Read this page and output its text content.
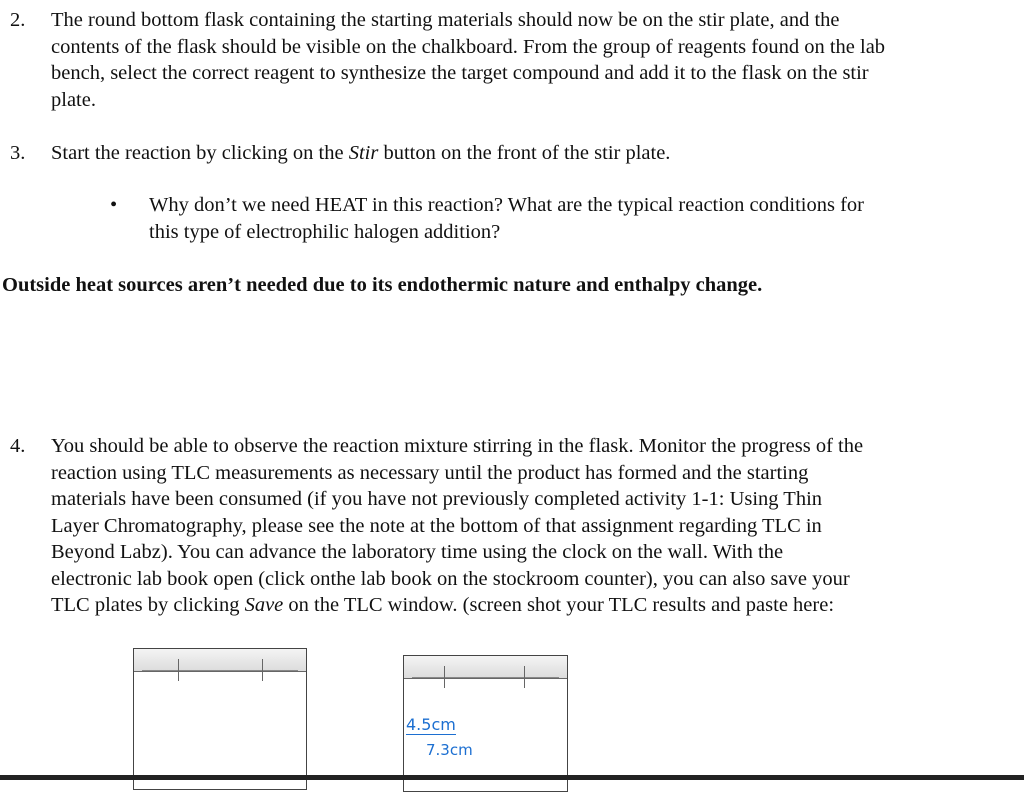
2.	The round bottom flask containing the starting materials should now be on the stir plate, and the
contents of the flask should be visible on the chalkboard. From the group of reagents found on the lab
bench, select the correct reagent to synthesize the target compound and add it to the flask on the stir
plate.
3.	Start the reaction by clicking on the Stir button on the front of the stir plate.
• Why don’t we need HEAT in this reaction? What are the typical reaction conditions for
this type of electrophilic halogen addition?
Outside heat sources aren’t needed due to its endothermic nature and enthalpy change.
4.	You should be able to observe the reaction mixture stirring in the flask. Monitor the progress of the
reaction using TLC measurements as necessary until the product has formed and the starting
materials have been consumed (if you have not previously completed activity 1-1: Using Thin
Layer Chromatography, please see the note at the bottom of that assignment regarding TLC in
Beyond Labz). You can advance the laboratory time using the clock on the wall. With the
electronic lab book open (click onthe lab book on the stockroom counter), you can also save your
TLC plates by clicking Save on the TLC window. (screen shot your TLC results and paste here:
4.5cm
7.3cm
